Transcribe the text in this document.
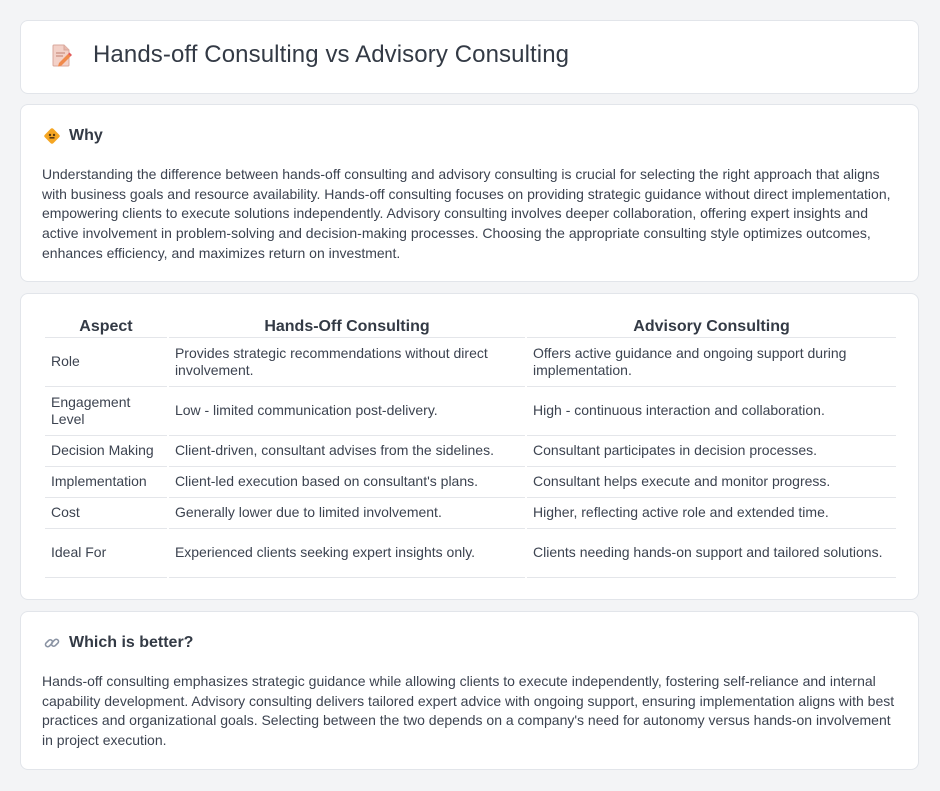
Hands-off Consulting vs Advisory Consulting
Why

Understanding the difference between hands-off consulting and advisory consulting is crucial for selecting the right approach that aligns with business goals and resource availability. Hands-off consulting focuses on providing strategic guidance without direct implementation, empowering clients to execute solutions independently. Advisory consulting involves deeper collaboration, offering expert insights and active involvement in problem-solving and decision-making processes. Choosing the appropriate consulting style optimizes outcomes, enhances efficiency, and maximizes return on investment.

Aspect	Hands-Off Consulting	Advisory Consulting
Role	Provides strategic recommendations without direct involvement.	Offers active guidance and ongoing support during implementation.
Engagement Level	Low - limited communication post-delivery.	High - continuous interaction and collaboration.
Decision Making	Client-driven, consultant advises from the sidelines.	Consultant participates in decision processes.
Implementation	Client-led execution based on consultant's plans.	Consultant helps execute and monitor progress.
Cost	Generally lower due to limited involvement.	Higher, reflecting active role and extended time.
Ideal For	Experienced clients seeking expert insights only.	Clients needing hands-on support and tailored solutions.
Which is better?

Hands-off consulting emphasizes strategic guidance while allowing clients to execute independently, fostering self-reliance and internal capability development. Advisory consulting delivers tailored expert advice with ongoing support, ensuring implementation aligns with best practices and organizational goals. Selecting between the two depends on a company's need for autonomy versus hands-on involvement in project execution.
